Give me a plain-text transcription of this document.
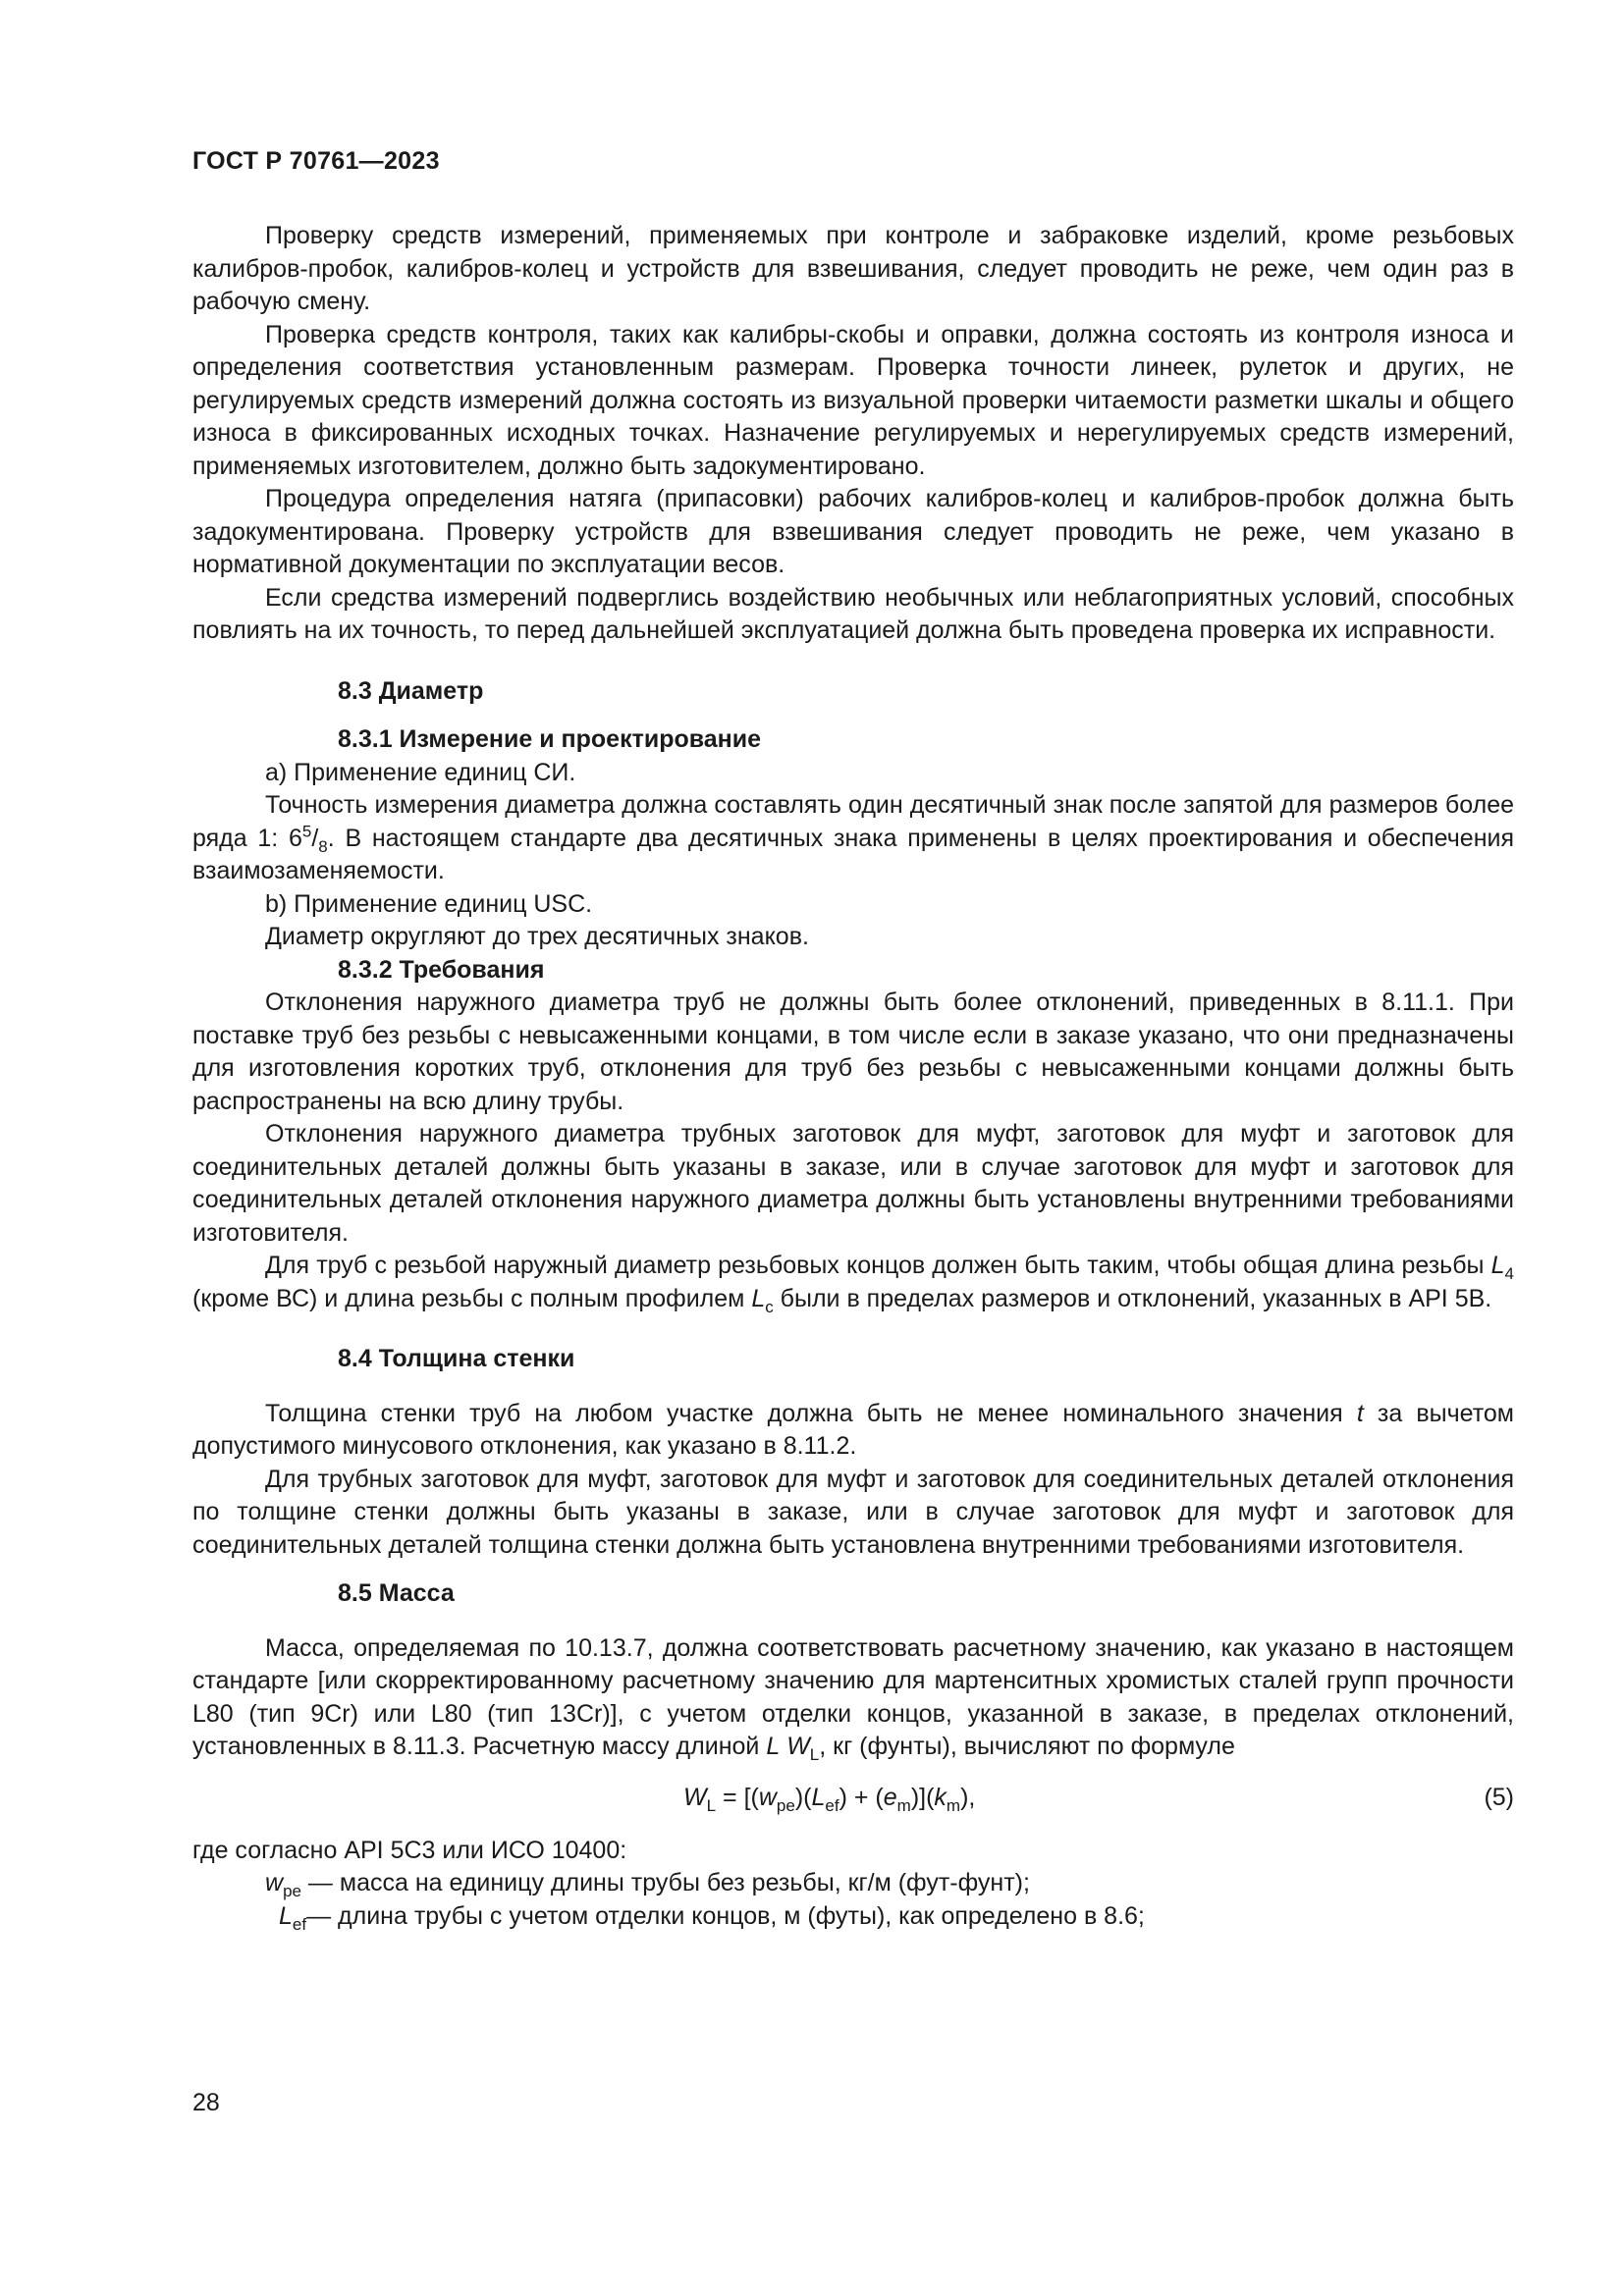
ГОСТ Р 70761—2023

Проверку средств измерений, применяемых при контроле и забраковке изделий, кроме резьбовых калибров-пробок, калибров-колец и устройств для взвешивания, следует проводить не реже, чем один раз в рабочую смену.

Проверка средств контроля, таких как калибры-скобы и оправки, должна состоять из контроля износа и определения соответствия установленным размерам. Проверка точности линеек, рулеток и других, не регулируемых средств измерений должна состоять из визуальной проверки читаемости разметки шкалы и общего износа в фиксированных исходных точках. Назначение регулируемых и нерегулируемых средств измерений, применяемых изготовителем, должно быть задокументировано.

Процедура определения натяга (припасовки) рабочих калибров-колец и калибров-пробок должна быть задокументирована. Проверку устройств для взвешивания следует проводить не реже, чем указано в нормативной документации по эксплуатации весов.

Если средства измерений подверглись воздействию необычных или неблагоприятных условий, способных повлиять на их точность, то перед дальнейшей эксплуатацией должна быть проведена проверка их исправности.

8.3 Диаметр

8.3.1 Измерение и проектирование

a) Применение единиц СИ.

Точность измерения диаметра должна составлять один десятичный знак после запятой для размеров более ряда 1: $6^5/_8$. В настоящем стандарте два десятичных знака применены в целях проектирования и обеспечения взаимозаменяемости.

b) Применение единиц USC.

Диаметр округляют до трех десятичных знаков.

8.3.2 Требования

Отклонения наружного диаметра труб не должны быть более отклонений, приведенных в 8.11.1. При поставке труб без резьбы с невысаженными концами, в том числе если в заказе указано, что они предназначены для изготовления коротких труб, отклонения для труб без резьбы с невысаженными концами должны быть распространены на всю длину трубы.

Отклонения наружного диаметра трубных заготовок для муфт, заготовок для муфт и заготовок для соединительных деталей должны быть указаны в заказе, или в случае заготовок для муфт и заготовок для соединительных деталей отклонения наружного диаметра должны быть установлены внутренними требованиями изготовителя.

Для труб с резьбой наружный диаметр резьбовых концов должен быть таким, чтобы общая длина резьбы $L_4$ (кроме ВС) и длина резьбы с полным профилем $L_c$ были в пределах размеров и отклонений, указанных в API 5B.

8.4 Толщина стенки

Толщина стенки труб на любом участке должна быть не менее номинального значения t за вычетом допустимого минусового отклонения, как указано в 8.11.2.

Для трубных заготовок для муфт, заготовок для муфт и заготовок для соединительных деталей отклонения по толщине стенки должны быть указаны в заказе, или в случае заготовок для муфт и заготовок для соединительных деталей толщина стенки должна быть установлена внутренними требованиями изготовителя.

8.5 Масса

Масса, определяемая по 10.13.7, должна соответствовать расчетному значению, как указано в настоящем стандарте [или скорректированному расчетному значению для мартенситных хромистых сталей групп прочности L80 (тип 9Cr) или L80 (тип 13Cr)], с учетом отделки концов, указанной в заказе, в пределах отклонений, установленных в 8.11.3. Расчетную массу длиной L $W_L$, кг (фунты), вычисляют по формуле

$W_L = [(w_{pe})(L_{ef}) + (e_m)](k_m)$,	(5)

где согласно API 5C3 или ИСО 10400:

$w_{pe}$ — масса на единицу длины трубы без резьбы, кг/м (фут-фунт);

$L_{ef}—$ длина трубы с учетом отделки концов, м (футы), как определено в 8.6;

28
